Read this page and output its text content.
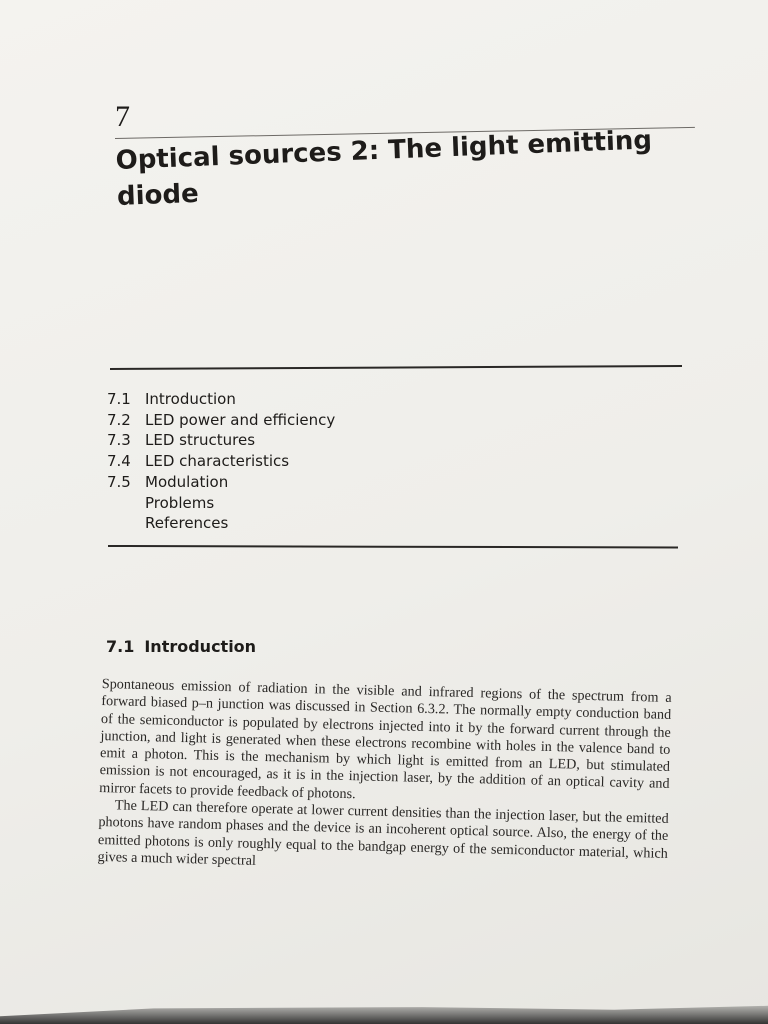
7
Optical sources 2: The light emitting diode
7.1 Introduction
7.2 LED power and efficiency
7.3 LED structures
7.4 LED characteristics
7.5 Modulation
Problems
References
7.1 Introduction

Spontaneous emission of radiation in the visible and infrared regions of the spectrum from a forward biased p–n junction was discussed in Section 6.3.2. The normally empty conduction band of the semiconductor is populated by electrons injected into it by the forward current through the junction, and light is generated when these electrons recombine with holes in the valence band to emit a photon. This is the mechanism by which light is emitted from an LED, but stimulated emission is not encouraged, as it is in the injection laser, by the addition of an optical cavity and mirror facets to provide feedback of photons.

The LED can therefore operate at lower current densities than the injection laser, but the emitted photons have random phases and the device is an incoherent optical source. Also, the energy of the emitted photons is only roughly equal to the bandgap energy of the semiconductor material, which gives a much wider spectral
